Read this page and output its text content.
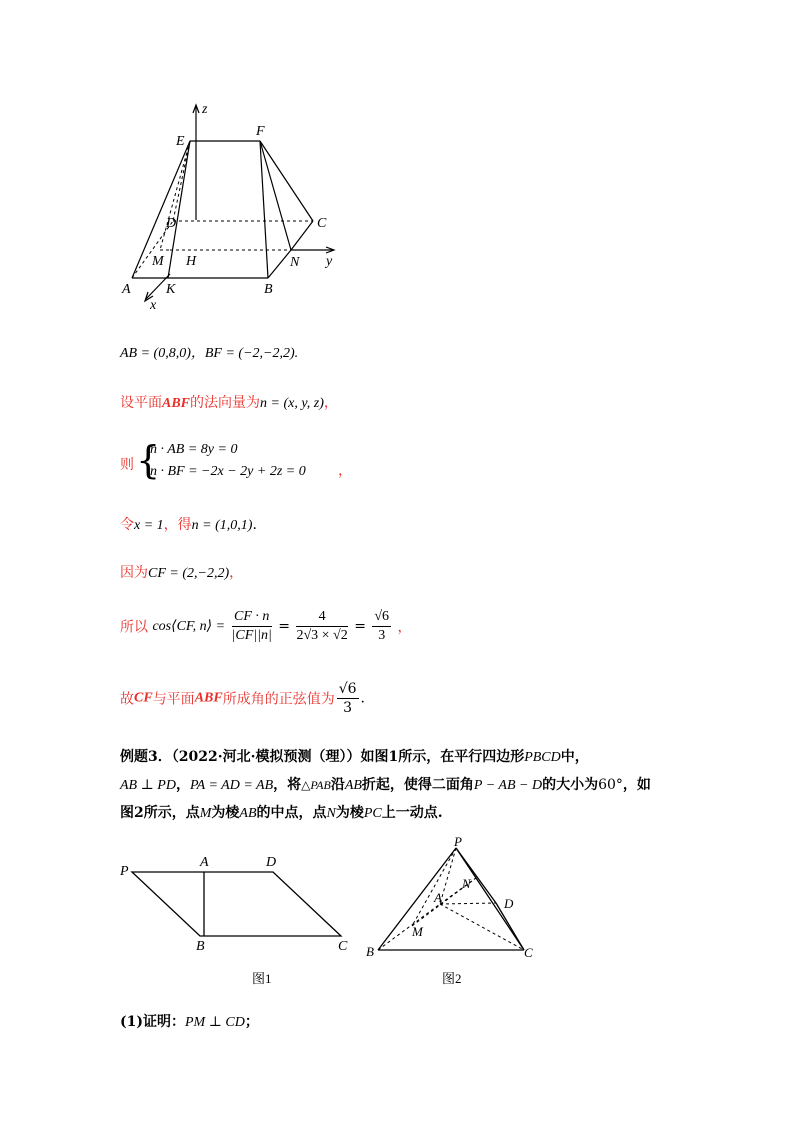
z
E
F
C
D
M H	N y
A	K	B
x
AB = (0,8,0)，BF = (−2,−2,2).
设平面ABF的法向量为n = (x, y, z)，
则 {
n · AB = 8y = 0
n · BF = −2x − 2y + 2z = 0 ，
令x = 1，得n = (1,0,1).
因为CF = (2,−2,2)，
所以 cos⟨CF, n⟩ = $\frac{CF \cdot n}{|CF||n|} = \frac{4}{2√3 \times √2} = \frac{√6}{3}$ ，
故CF与平面ABF所成角的正弦值为 $\frac{√6}{3}$ .
例题3．（2022·河北·模拟预测（理））如图1所示，在平行四边形PBCD中，
AB ⊥ PD，PA = AD = AB，将△PAB沿AB折起，使得二面角P − AB − D的大小为60°，如
图2所示，点M为棱AB的中点，点N为棱PC上一动点.
P
A	D
B	C
图1
P
N
A	D
M
B	C
图2
(1)证明：PM ⊥ CD；
